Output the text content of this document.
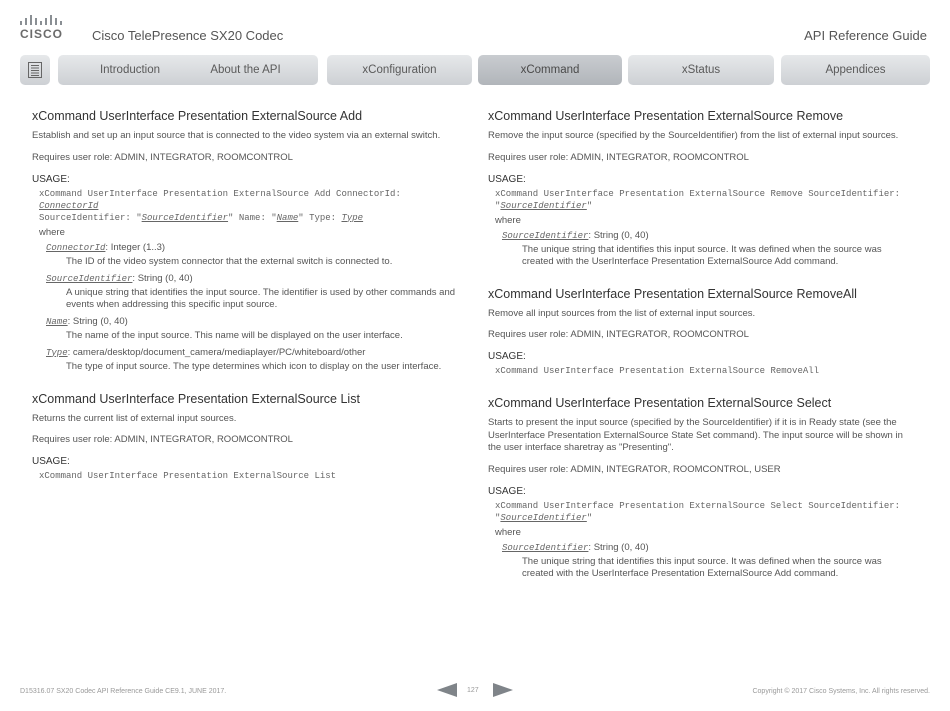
CISCO Cisco TelePresence SX20 Codec	API Reference Guide
Introduction	About the API	xConfiguration	xCommand	xStatus	Appendices
xCommand UserInterface Presentation ExternalSource Add

Establish and set up an input source that is connected to the video system via an external switch.

Requires user role: ADMIN, INTEGRATOR, ROOMCONTROL

USAGE:
xCommand UserInterface Presentation ExternalSource Add ConnectorId: ConnectorId
SourceIdentifier: "SourceIdentifier" Name: "Name" Type: Type
where
ConnectorId: Integer (1..3)
The ID of the video system connector that the external switch is connected to.
SourceIdentifier: String (0, 40)
A unique string that identifies the input source. The identifier is used by other commands and events when addressing this specific input source.
Name: String (0, 40)
The name of the input source. This name will be displayed on the user interface.
Type: camera/desktop/document_camera/mediaplayer/PC/whiteboard/other
The type of input source. The type determines which icon to display on the user interface.
xCommand UserInterface Presentation ExternalSource List

Returns the current list of external input sources.

Requires user role: ADMIN, INTEGRATOR, ROOMCONTROL

USAGE:
xCommand UserInterface Presentation ExternalSource List
xCommand UserInterface Presentation ExternalSource Remove

Remove the input source (specified by the SourceIdentifier) from the list of external input sources.

Requires user role: ADMIN, INTEGRATOR, ROOMCONTROL

USAGE:
xCommand UserInterface Presentation ExternalSource Remove SourceIdentifier:
"SourceIdentifier"
where
SourceIdentifier: String (0, 40)
The unique string that identifies this input source. It was defined when the source was created with the UserInterface Presentation ExternalSource Add command.
xCommand UserInterface Presentation ExternalSource RemoveAll

Remove all input sources from the list of external input sources.

Requires user role: ADMIN, INTEGRATOR, ROOMCONTROL

USAGE:
xCommand UserInterface Presentation ExternalSource RemoveAll
xCommand UserInterface Presentation ExternalSource Select

Starts to present the input source (specified by the SourceIdentifier) if it is in Ready state (see the UserInterface Presentation ExternalSource State Set command). The input source will be shown in the user interface sharetray as "Presenting".

Requires user role: ADMIN, INTEGRATOR, ROOMCONTROL, USER

USAGE:
xCommand UserInterface Presentation ExternalSource Select SourceIdentifier:
"SourceIdentifier"
where
SourceIdentifier: String (0, 40)
The unique string that identifies this input source. It was defined when the source was created with the UserInterface Presentation ExternalSource Add command.
D15316.07 SX20 Codec API Reference Guide CE9.1, JUNE 2017.	127	Copyright © 2017 Cisco Systems, Inc. All rights reserved.
